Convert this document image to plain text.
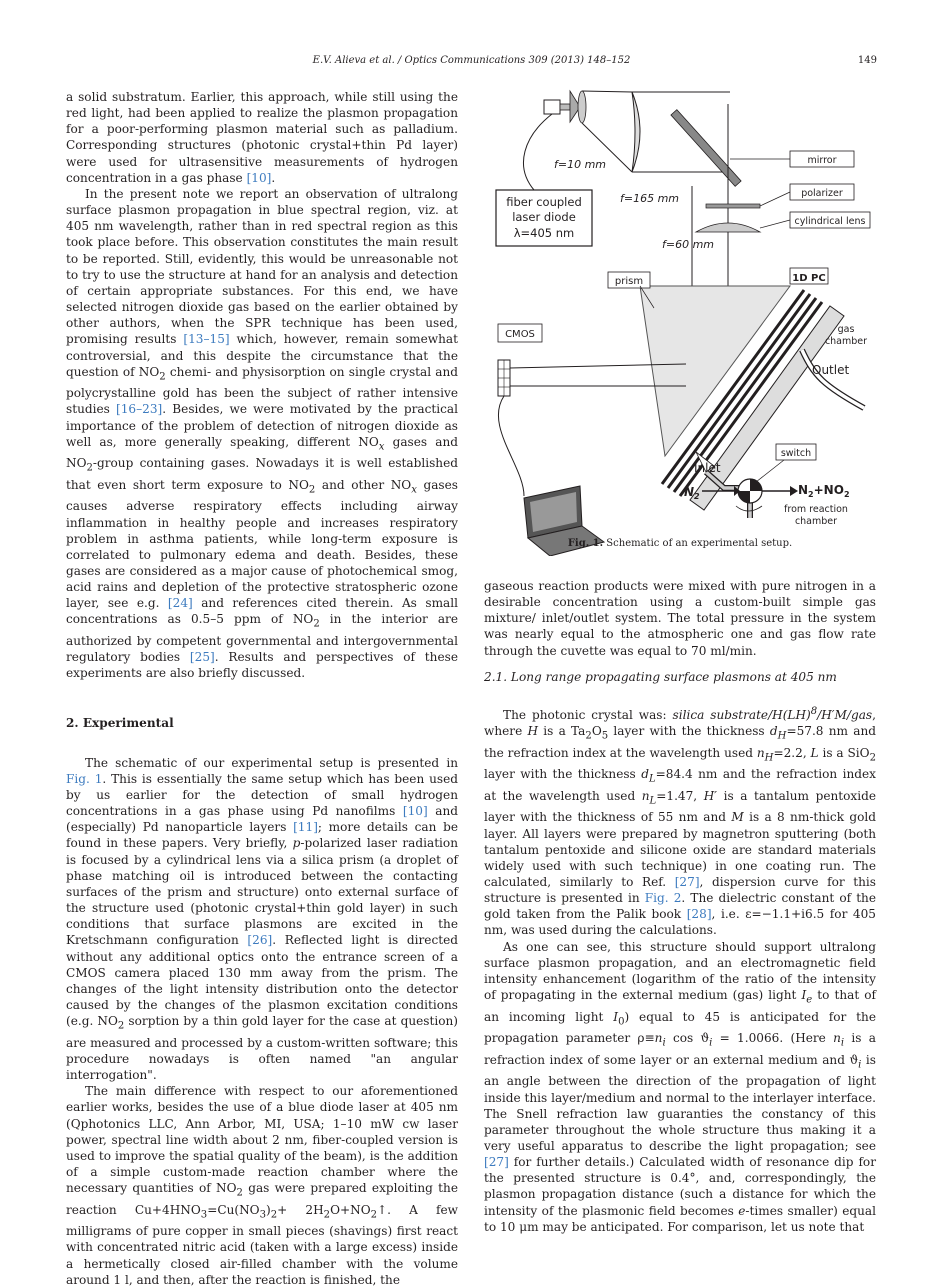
E.V. Alieva et al. / Optics Communications 309 (2013) 148–152	149

a solid substratum. Earlier, this approach, while still using the red light, had been applied to realize the plasmon propagation for a poor-performing plasmon material such as palladium. Corresponding structures (photonic crystal+thin Pd layer) were used for ultrasensitive measurements of hydrogen concentration in a gas phase [10].

In the present note we report an observation of ultralong surface plasmon propagation in blue spectral region, viz. at 405 nm wavelength, rather than in red spectral region as this took place before. This observation constitutes the main result to be reported. Still, evidently, this would be unreasonable not to try to use the structure at hand for an analysis and detection of certain appropriate substances. For this end, we have selected nitrogen dioxide gas based on the earlier obtained by other authors, when the SPR technique has been used, promising results [13–15] which, however, remain somewhat controversial, and this despite the circumstance that the question of $NO_2$ chemi- and physisorption on single crystal and polycrystalline gold has been the subject of rather intensive studies [16–23]. Besides, we were motivated by the practical importance of the problem of detection of nitrogen dioxide as well as, more generally speaking, different $NO_x$ gases and $NO_2$-group containing gases. Nowadays it is well established that even short term exposure to $NO_2$ and other $NO_x$ gases causes adverse respiratory effects including airway inflammation in healthy people and increases respiratory problem in asthma patients, while long-term exposure is correlated to pulmonary edema and death. Besides, these gases are considered as a major cause of photochemical smog, acid rains and depletion of the protective stratospheric ozone layer, see e.g. [24] and references cited therein. As small concentrations as 0.5–5 ppm of $NO_2$ in the interior are authorized by competent governmental and intergovernmental regulatory bodies [25]. Results and perspectives of these experiments are also briefly discussed.

2. Experimental

The schematic of our experimental setup is presented in Fig. 1. This is essentially the same setup which has been used by us earlier for the detection of small hydrogen concentrations in a gas phase using Pd nanofilms [10] and (especially) Pd nanoparticle layers [11]; more details can be found in these papers. Very briefly, p-polarized laser radiation is focused by a cylindrical lens via a silica prism (a droplet of phase matching oil is introduced between the contacting surfaces of the prism and structure) onto external surface of the structure used (photonic crystal+thin gold layer) in such conditions that surface plasmons are excited in the Kretschmann configuration [26]. Reflected light is directed without any additional optics onto the entrance screen of a CMOS camera placed 130 mm away from the prism. The changes of the light intensity distribution onto the detector caused by the changes of the plasmon excitation conditions (e.g. $NO_2$ sorption by a thin gold layer for the case at question) are measured and processed by a custom-written software; this procedure nowadays is often named "an angular interrogation".

The main difference with respect to our aforementioned earlier works, besides the use of a blue diode laser at 405 nm (Qphotonics LLC, Ann Arbor, MI, USA; 1–10 mW cw laser power, spectral line width about 2 nm, fiber-coupled version is used to improve the spatial quality of the beam), is the addition of a simple custom-made reaction chamber where the necessary quantities of $NO_2$ gas were prepared exploiting the reaction $Cu+4HNO_3=Cu(NO_3)_2+$ $2H_2O+NO_2↑$. A few milligrams of pure copper in small pieces (shavings) first react with concentrated nitric acid (taken with a large excess) inside a hermetically closed air-filled chamber with the volume around 1 l, and then, after the reaction is finished, the

f=10 mm
f=165 mm
mirror
polarizer
cylindrical lens
f=60 mm
fiber coupled
laser diode
λ=405 nm
prism	1D PC
gas
chamber
Outlet
CMOS
Inlet
switch
$N_2$	$N_2+NO_2$
from reaction
chamber
Fig. 1. Schematic of an experimental setup.

gaseous reaction products were mixed with pure nitrogen in a desirable concentration using a custom-built simple gas mixture/ inlet/outlet system. The total pressure in the system was nearly equal to the atmospheric one and gas flow rate through the cuvette was equal to 70 ml/min.

2.1. Long range propagating surface plasmons at 405 nm

The photonic crystal was: silica substrate/H(LH)$^8$/H′M/gas, where H is a $Ta_2O_5$ layer with the thickness $d_H=57.8$ nm and the refraction index at the wavelength used $n_H=2.2$, L is a SiO$_2$ layer with the thickness $d_L=84.4$ nm and the refraction index at the wavelength used $n_L=1.47$, H′ is a tantalum pentoxide layer with the thickness of 55 nm and M is a 8 nm-thick gold layer. All layers were prepared by magnetron sputtering (both tantalum pentoxide and silicone oxide are standard materials widely used with such technique) in one coating run. The calculated, similarly to Ref. [27], dispersion curve for this structure is presented in Fig. 2. The dielectric constant of the gold taken from the Palik book [28], i.e. ε=−1.1+i6.5 for 405 nm, was used during the calculations.

As one can see, this structure should support ultralong surface plasmon propagation, and an electromagnetic field intensity enhancement (logarithm of the ratio of the intensity of propagating in the external medium (gas) light $I_e$ to that of an incoming light $I_0$) equal to 45 is anticipated for the propagation parameter $\rho\equiv n_i$ $\cos ϑ_i = 1.0066$. (Here $n_i$ is a refraction index of some layer or an external medium and $ϑ_i$ is an angle between the direction of the propagation of light inside this layer/medium and normal to the interlayer interface. The Snell refraction law guaranties the constancy of this parameter throughout the whole structure thus making it a very useful apparatus to describe the light propagation; see [27] for further details.) Calculated width of resonance dip for the presented structure is 0.4°, and, correspondingly, the plasmon propagation distance (such a distance for which the intensity of the plasmonic field becomes e-times smaller) equal to 10 μm may be anticipated. For comparison, let us note that
